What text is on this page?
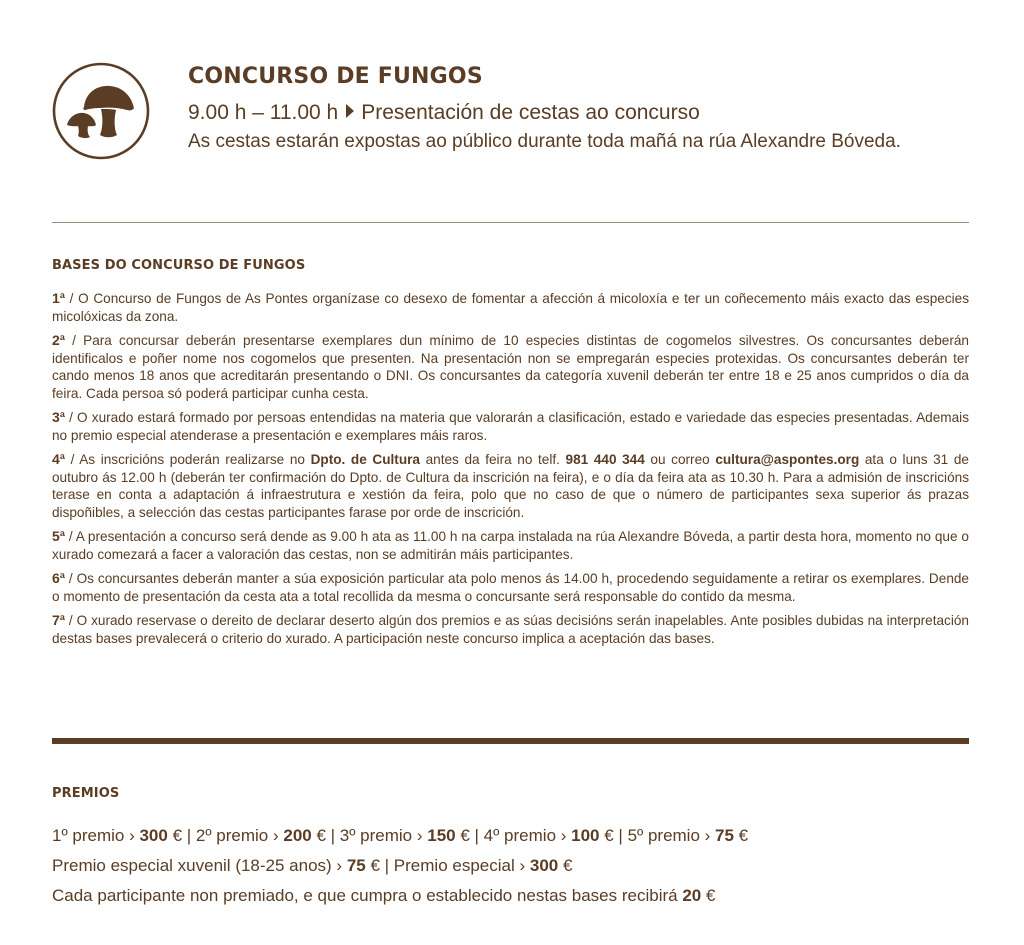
CONCURSO DE FUNGOS
9.00 h – 11.00 h Presentación de cestas ao concurso
As cestas estarán expostas ao público durante toda mañá na rúa Alexandre Bóveda.
BASES DO CONCURSO DE FUNGOS
1ª / O Concurso de Fungos de As Pontes organízase co desexo de fomentar a afección á micoloxía e ter un coñecemento máis exacto das especies micolóxicas da zona.
2ª / Para concursar deberán presentarse exemplares dun mínimo de 10 especies distintas de cogomelos silvestres. Os concursantes deberán identificalos e poñer nome nos cogomelos que presenten. Na presentación non se empregarán especies protexidas. Os concursantes deberán ter cando menos 18 anos que acreditarán presentando o DNI. Os concursantes da categoría xuvenil deberán ter entre 18 e 25 anos cumpridos o día da feira. Cada persoa só poderá participar cunha cesta.
3ª / O xurado estará formado por persoas entendidas na materia que valorarán a clasificación, estado e variedade das especies presentadas. Ademais no premio especial atenderase a presentación e exemplares máis raros.
4ª / As inscricións poderán realizarse no Dpto. de Cultura antes da feira no telf. 981 440 344 ou correo cultura@aspontes.org ata o luns 31 de outubro ás 12.00 h (deberán ter confirmación do Dpto. de Cultura da inscrición na feira), e o día da feira ata as 10.30 h. Para a admisión de inscricións terase en conta a adaptación á infraestrutura e xestión da feira, polo que no caso de que o número de participantes sexa superior ás prazas dispoñibles, a selección das cestas participantes farase por orde de inscrición.
5ª / A presentación a concurso será dende as 9.00 h ata as 11.00 h na carpa instalada na rúa Alexandre Bóveda, a partir desta hora, momento no que o xurado comezará a facer a valoración das cestas, non se admitirán máis participantes.
6ª / Os concursantes deberán manter a súa exposición particular ata polo menos ás 14.00 h, procedendo seguidamente a retirar os exemplares. Dende o momento de presentación da cesta ata a total recollida da mesma o concursante será responsable do contido da mesma.
7ª / O xurado reservase o dereito de declarar deserto algún dos premios e as súas decisións serán inapelables. Ante posibles dubidas na interpretación destas bases prevalecerá o criterio do xurado. A participación neste concurso implica a aceptación das bases.
PREMIOS
1º premio › 300 € | 2º premio › 200 € | 3º premio › 150 € | 4º premio › 100 € | 5º premio › 75 €
Premio especial xuvenil (18-25 anos) › 75 € | Premio especial › 300 €
Cada participante non premiado, e que cumpra o establecido nestas bases recibirá 20 €
